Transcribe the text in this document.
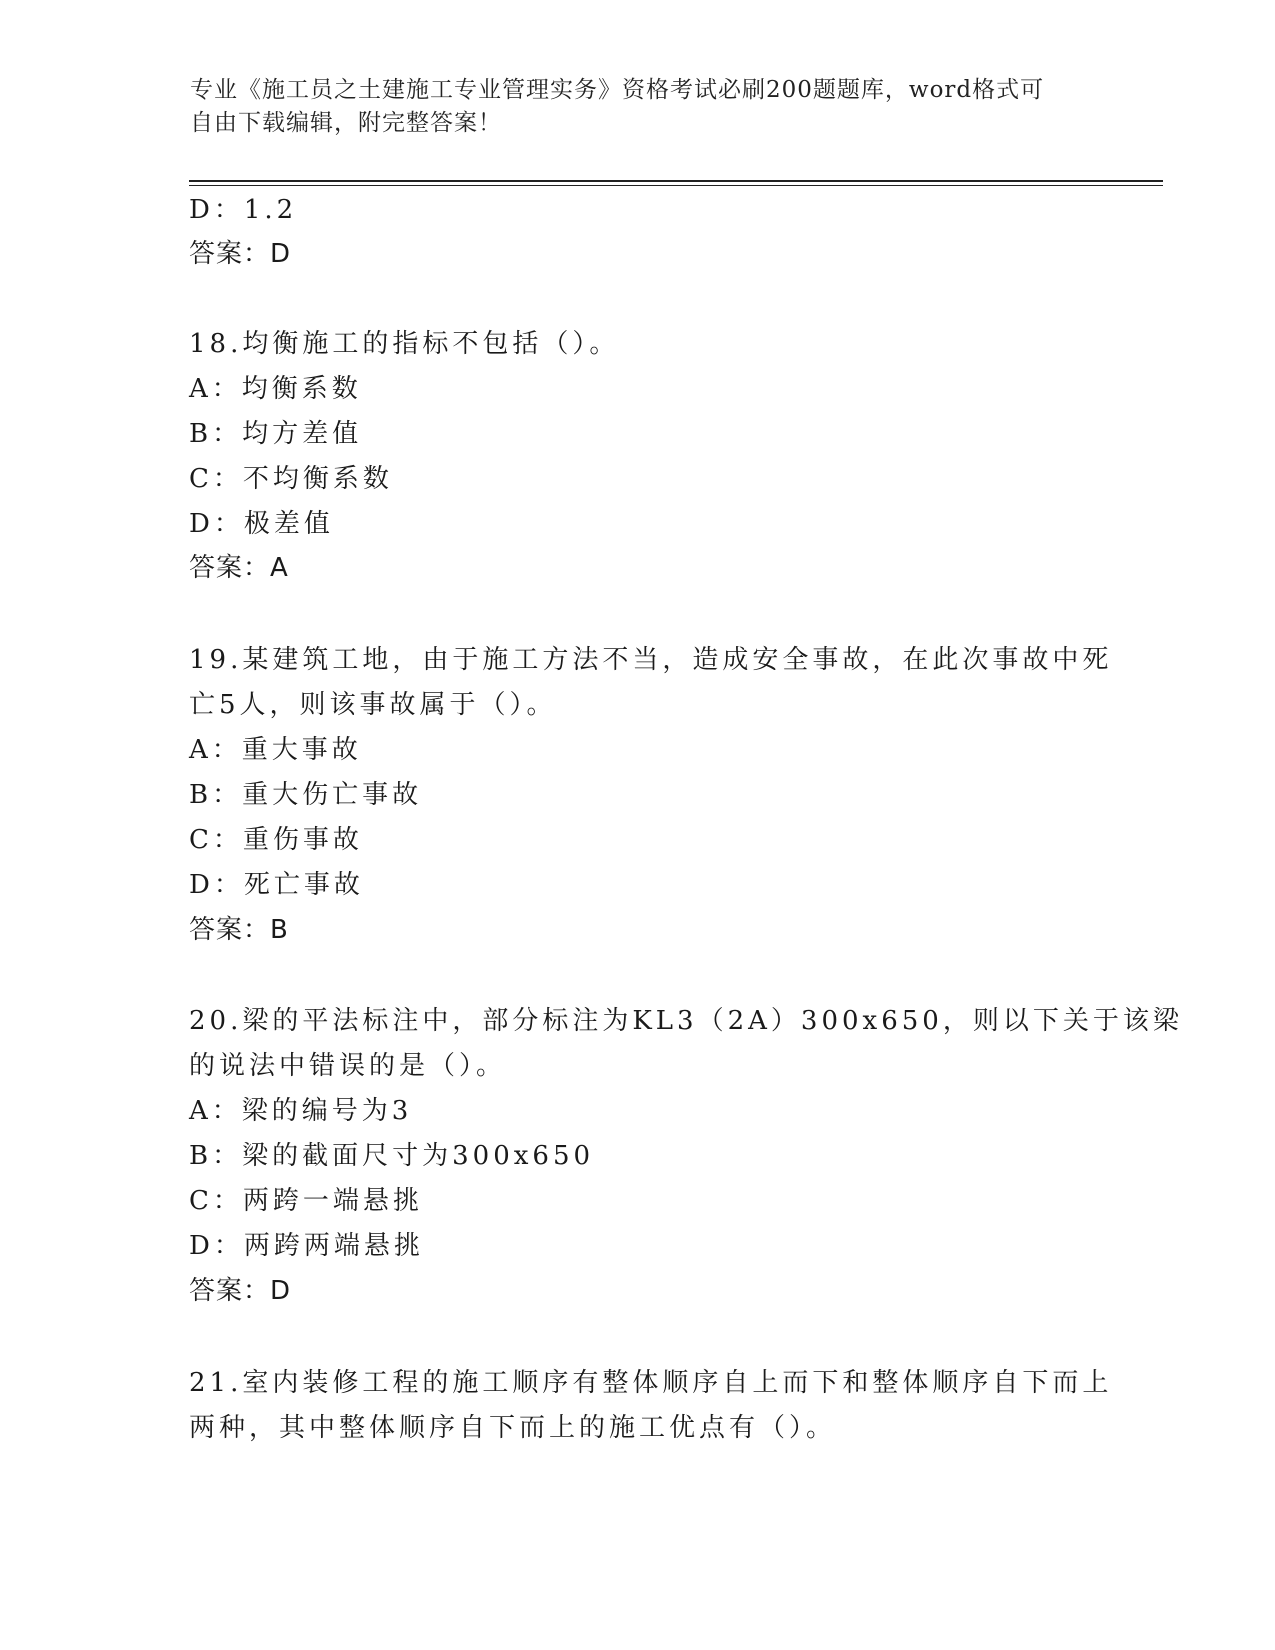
专业《施工员之土建施工专业管理实务》资格考试必刷200题题库，word格式可
自由下载编辑，附完整答案！
D：1.2
答案：D
18.均衡施工的指标不包括（）。
A：均衡系数
B：均方差值
C：不均衡系数
D：极差值
答案：A
19.某建筑工地，由于施工方法不当，造成安全事故，在此次事故中死
亡5人，则该事故属于（）。
A：重大事故
B：重大伤亡事故
C：重伤事故
D：死亡事故
答案：B
20.梁的平法标注中，部分标注为KL3（2A）300x650，则以下关于该梁
的说法中错误的是（）。
A：梁的编号为3
B：梁的截面尺寸为300x650
C：两跨一端悬挑
D：两跨两端悬挑
答案：D
21.室内装修工程的施工顺序有整体顺序自上而下和整体顺序自下而上
两种，其中整体顺序自下而上的施工优点有（）。
